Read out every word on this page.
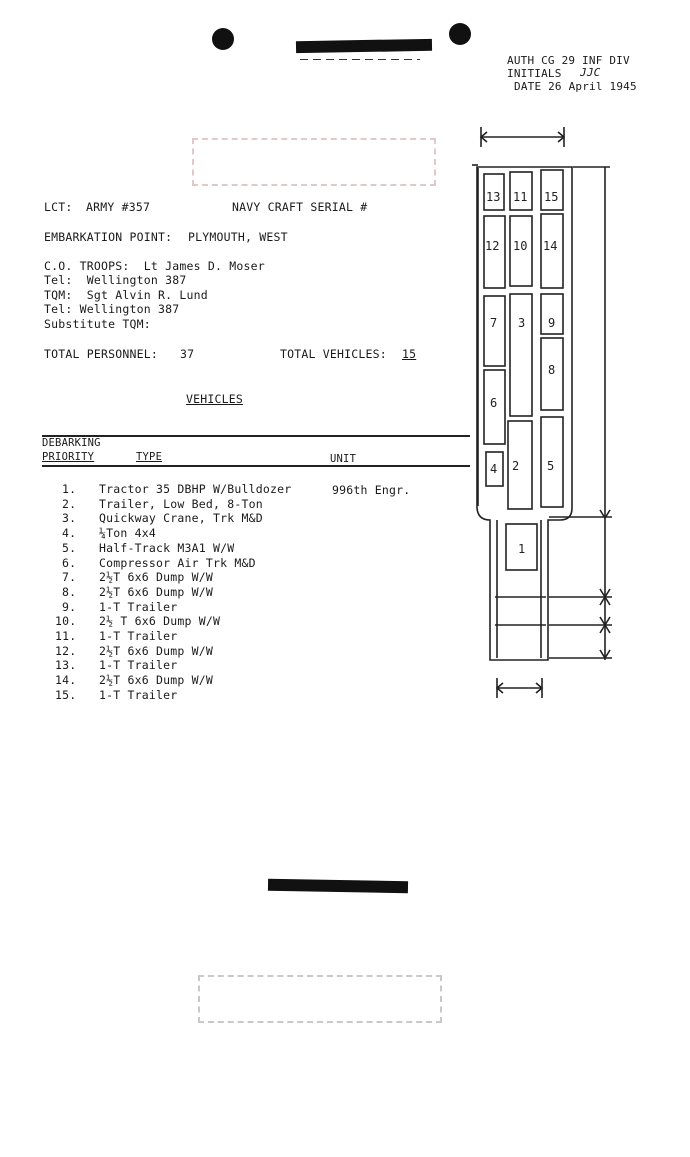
AUTH CG 29 INF DIV
INITIALS JJC
DATE 26 April 1945
LCT: ARMY #357	NAVY CRAFT SERIAL #
EMBARKATION POINT: PLYMOUTH, WEST
C.O. TROOPS:  Lt James D. Moser
Tel:  Wellington 387
TQM:  Sgt Alvin R. Lund
Tel: Wellington 387
Substitute TQM:
TOTAL PERSONNEL: 37	TOTAL VEHICLES: 15
VEHICLES
DEBARKING
PRIORITY	TYPE	UNIT
1. Tractor 35 DBHP W/Bulldozer	996th Engr.
2. Trailer, Low Bed, 8-Ton
3. Quickway Crane, Trk M&D
4. ¼Ton 4x4
5. Half-Track M3A1 W/W
6. Compressor Air Trk M&D
7. 2½T 6x6 Dump W/W
8. 2½T 6x6 Dump W/W
9. 1-T Trailer
10. 2½ T 6x6 Dump W/W
11. 1-T Trailer
12. 2½T 6x6 Dump W/W
13. 1-T Trailer
14. 2½T 6x6 Dump W/W
15. 1-T Trailer
13 11 15
12 10 14
7 3 9
8
6
4 2 5
1
